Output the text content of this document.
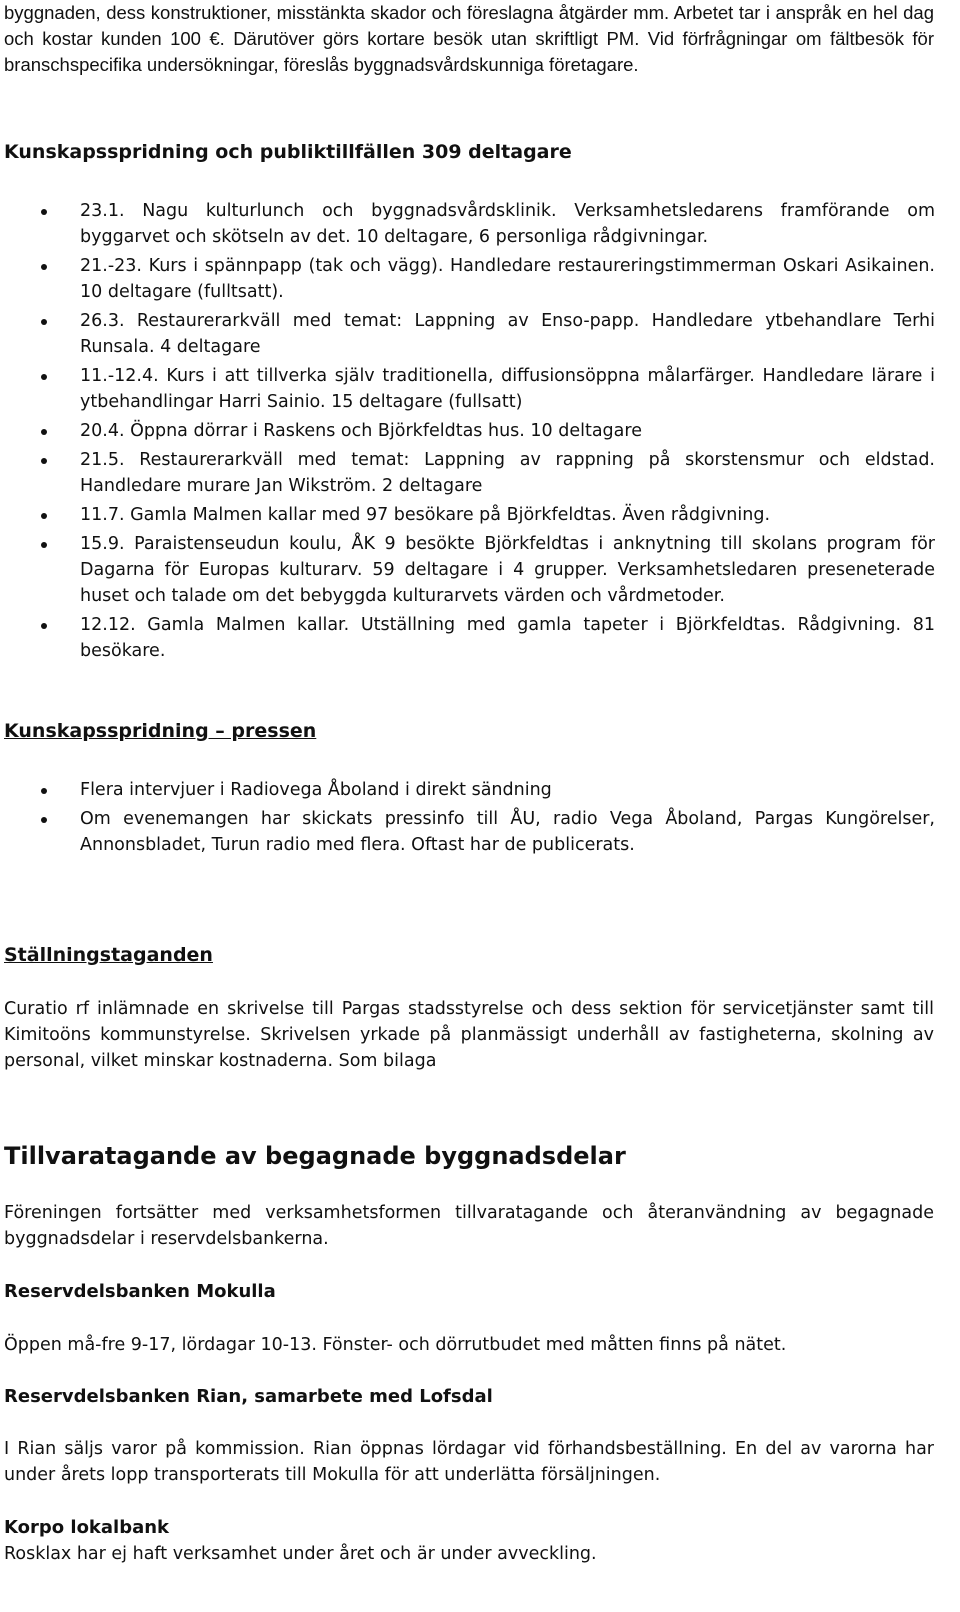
byggnaden, dess konstruktioner, misstänkta skador och föreslagna åtgärder mm. Arbetet tar i anspråk en hel dag och kostar kunden 100 €. Därutöver görs kortare besök utan skriftligt PM. Vid förfrågningar om fältbesök för branschspecifika undersökningar, föreslås byggnadsvårdskunniga företagare.

Kunskapsspridning och publiktillfällen 309 deltagare
23.1. Nagu kulturlunch och byggnadsvårdsklinik. Verksamhetsledarens framförande om byggarvet och skötseln av det. 10 deltagare, 6 personliga rådgivningar.
21.-23. Kurs i spännpapp (tak och vägg). Handledare restaureringstimmerman Oskari Asikainen. 10 deltagare (fulltsatt).
26.3. Restaurerarkväll med temat: Lappning av Enso-papp. Handledare ytbehandlare Terhi Runsala. 4 deltagare
11.-12.4. Kurs i att tillverka själv traditionella, diffusionsöppna målarfärger. Handledare lärare i ytbehandlingar Harri Sainio. 15 deltagare (fullsatt)
20.4. Öppna dörrar i Raskens och Björkfeldtas hus. 10 deltagare
21.5. Restaurerarkväll med temat: Lappning av rappning på skorstensmur och eldstad. Handledare murare Jan Wikström. 2 deltagare
11.7. Gamla Malmen kallar med 97 besökare på Björkfeldtas. Även rådgivning.
15.9. Paraistenseudun koulu, ÅK 9 besökte Björkfeldtas i anknytning till skolans program för Dagarna för Europas kulturarv. 59 deltagare i 4 grupper. Verksamhetsledaren preseneterade huset och talade om det bebyggda kulturarvets värden och vårdmetoder.
12.12. Gamla Malmen kallar. Utställning med gamla tapeter i Björkfeldtas. Rådgivning. 81 besökare.
Kunskapsspridning – pressen
Flera intervjuer i Radiovega Åboland i direkt sändning
Om evenemangen har skickats pressinfo till ÅU, radio Vega Åboland, Pargas Kungörelser, Annonsbladet, Turun radio med flera. Oftast har de publicerats.
Ställningstaganden

Curatio rf inlämnade en skrivelse till Pargas stadsstyrelse och dess sektion för servicetjänster samt till Kimitoöns kommunstyrelse. Skrivelsen yrkade på planmässigt underhåll av fastigheterna, skolning av personal, vilket minskar kostnaderna. Som bilaga

Tillvaratagande av begagnade byggnadsdelar

Föreningen fortsätter med verksamhetsformen tillvaratagande och återanvändning av begagnade byggnadsdelar i reservdelsbankerna.

Reservdelsbanken Mokulla

Öppen må-fre 9-17, lördagar 10-13. Fönster- och dörrutbudet med måtten finns på nätet.

Reservdelsbanken Rian, samarbete med Lofsdal

I Rian säljs varor på kommission. Rian öppnas lördagar vid förhandsbeställning. En del av varorna har under årets lopp transporterats till Mokulla för att underlätta försäljningen.

Korpo lokalbank

Rosklax har ej haft verksamhet under året och är under avveckling.
